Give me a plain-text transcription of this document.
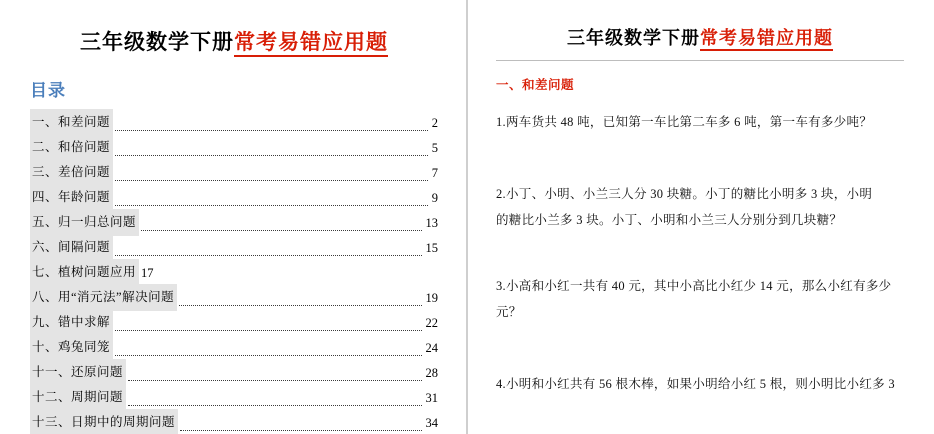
三年级数学下册常考易错应用题
目录
一、和差问题	2
二、和倍问题	5
三、差倍问题	7
四、年龄问题	9
五、归一归总问题	13
六、间隔问题	15
七、植树问题应用 17
八、用“消元法”解决问题	19
九、错中求解	22
十、鸡兔同笼	24
十一、还原问题	28
十二、周期问题	31
十三、日期中的周期问题	34
三年级数学下册常考易错应用题
一、和差问题
1.两车货共 48 吨，已知第一车比第二车多 6 吨，第一车有多少吨？
2.小丁、小明、小兰三人分 30 块糖。小丁的糖比小明多 3 块，小明
的糖比小兰多 3 块。小丁、小明和小兰三人分别分到几块糖？
3.小高和小红一共有 40 元，其中小高比小红少 14 元，那么小红有多少元？
4.小明和小红共有 56 根木棒，如果小明给小红 5 根，则小明比小红多 3
